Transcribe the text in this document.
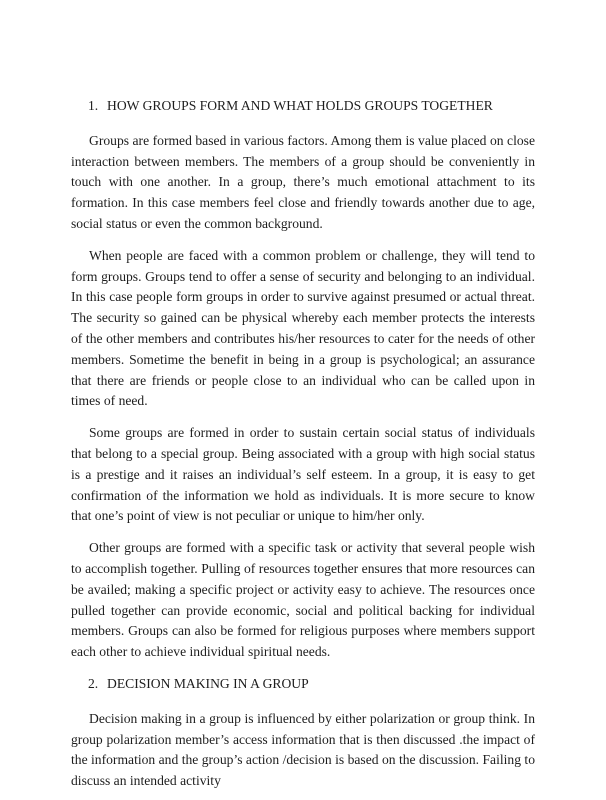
1. HOW GROUPS FORM AND WHAT HOLDS GROUPS TOGETHER

Groups are formed based in various factors. Among them is value placed on close interaction between members. The members of a group should be conveniently in touch with one another. In a group, there’s much emotional attachment to its formation. In this case members feel close and friendly towards another due to age, social status or even the common background.

When people are faced with a common problem or challenge, they will tend to form groups. Groups tend to offer a sense of security and belonging to an individual. In this case people form groups in order to survive against presumed or actual threat. The security so gained can be physical whereby each member protects the interests of the other members and contributes his/her resources to cater for the needs of other members. Sometime the benefit in being in a group is psychological; an assurance that there are friends or people close to an individual who can be called upon in times of need.

Some groups are formed in order to sustain certain social status of individuals that belong to a special group. Being associated with a group with high social status is a prestige and it raises an individual’s self esteem. In a group, it is easy to get confirmation of the information we hold as individuals. It is more secure to know that one’s point of view is not peculiar or unique to him/her only.

Other groups are formed with a specific task or activity that several people wish to accomplish together. Pulling of resources together ensures that more resources can be availed; making a specific project or activity easy to achieve. The resources once pulled together can provide economic, social and political backing for individual members. Groups can also be formed for religious purposes where members support each other to achieve individual spiritual needs.

2. DECISION MAKING IN A GROUP

Decision making in a group is influenced by either polarization or group think. In group polarization member’s access information that is then discussed .the impact of the information and the group’s action /decision is based on the discussion. Failing to discuss an intended activity
